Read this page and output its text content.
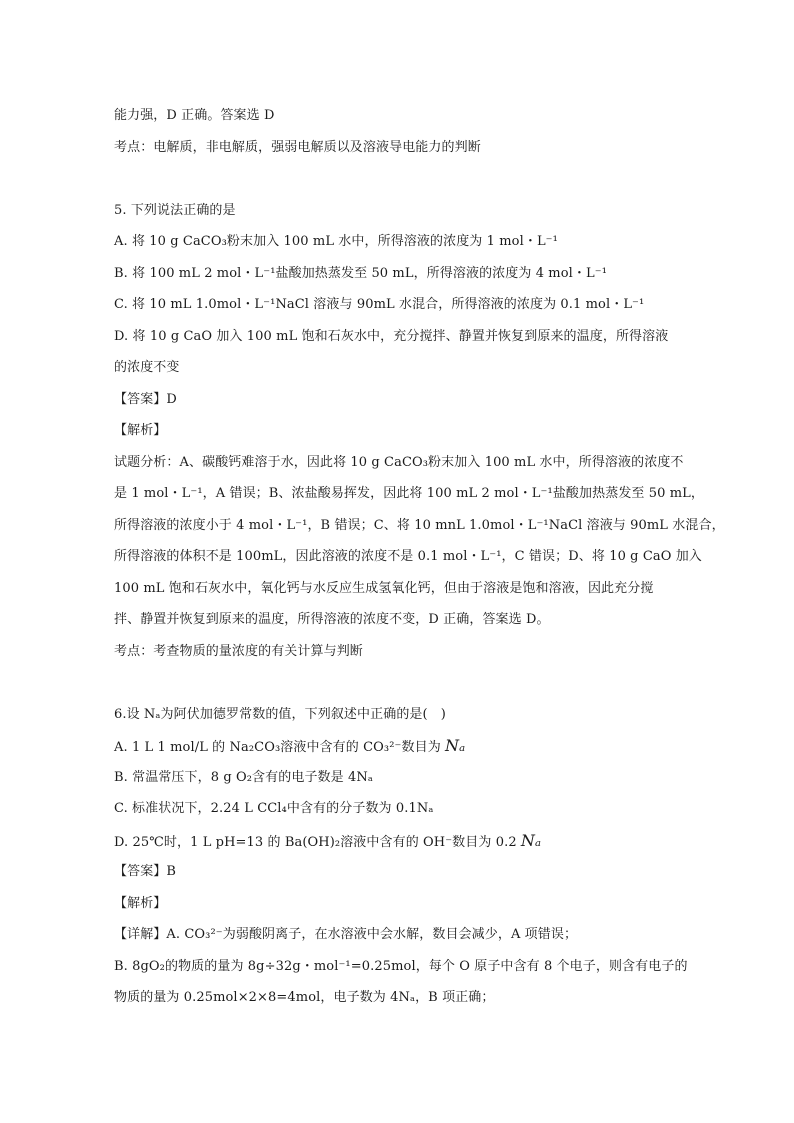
能力强，D 正确。答案选 D
考点：电解质，非电解质，强弱电解质以及溶液导电能力的判断
5. 下列说法正确的是
A. 将 10 g CaCO₃粉末加入 100 mL 水中，所得溶液的浓度为 1 mol・L⁻¹
B. 将 100 mL 2 mol・L⁻¹盐酸加热蒸发至 50 mL，所得溶液的浓度为 4 mol・L⁻¹
C. 将 10 mL 1.0mol・L⁻¹NaCl 溶液与 90mL 水混合，所得溶液的浓度为 0.1 mol・L⁻¹
D. 将 10 g CaO 加入 100 mL 饱和石灰水中，充分搅拌、静置并恢复到原来的温度，所得溶液
的浓度不变
【答案】D
【解析】
试题分析：A、碳酸钙难溶于水，因此将 10 g CaCO₃粉末加入 100 mL 水中，所得溶液的浓度不
是 1 mol・L⁻¹，A 错误；B、浓盐酸易挥发，因此将 100 mL 2 mol・L⁻¹盐酸加热蒸发至 50 mL，
所得溶液的浓度小于 4 mol・L⁻¹，B 错误；C、将 10 mnL 1.0mol・L⁻¹NaCl 溶液与 90mL 水混合，
所得溶液的体积不是 100mL，因此溶液的浓度不是 0.1 mol・L⁻¹，C 错误；D、将 10 g CaO 加入
100 mL 饱和石灰水中，氧化钙与水反应生成氢氧化钙，但由于溶液是饱和溶液，因此充分搅
拌、静置并恢复到原来的温度，所得溶液的浓度不变，D 正确，答案选 D。
考点：考查物质的量浓度的有关计算与判断
6.设 Nₐ为阿伏加德罗常数的值，下列叙述中正确的是(　)
A. 1 L 1 mol/L 的 Na₂CO₃溶液中含有的 CO₃²⁻数目为 Nₐ
B. 常温常压下，8 g O₂含有的电子数是 4Nₐ
C. 标准状况下，2.24 L CCl₄中含有的分子数为 0.1Nₐ
D. 25℃时，1 L pH=13 的 Ba(OH)₂溶液中含有的 OH⁻数目为 0.2 Nₐ
【答案】B
【解析】
【详解】A. CO₃²⁻为弱酸阴离子，在水溶液中会水解，数目会减少，A 项错误；
B. 8gO₂的物质的量为 8g÷32g・mol⁻¹=0.25mol，每个 O 原子中含有 8 个电子，则含有电子的
物质的量为 0.25mol×2×8=4mol，电子数为 4Nₐ，B 项正确；
